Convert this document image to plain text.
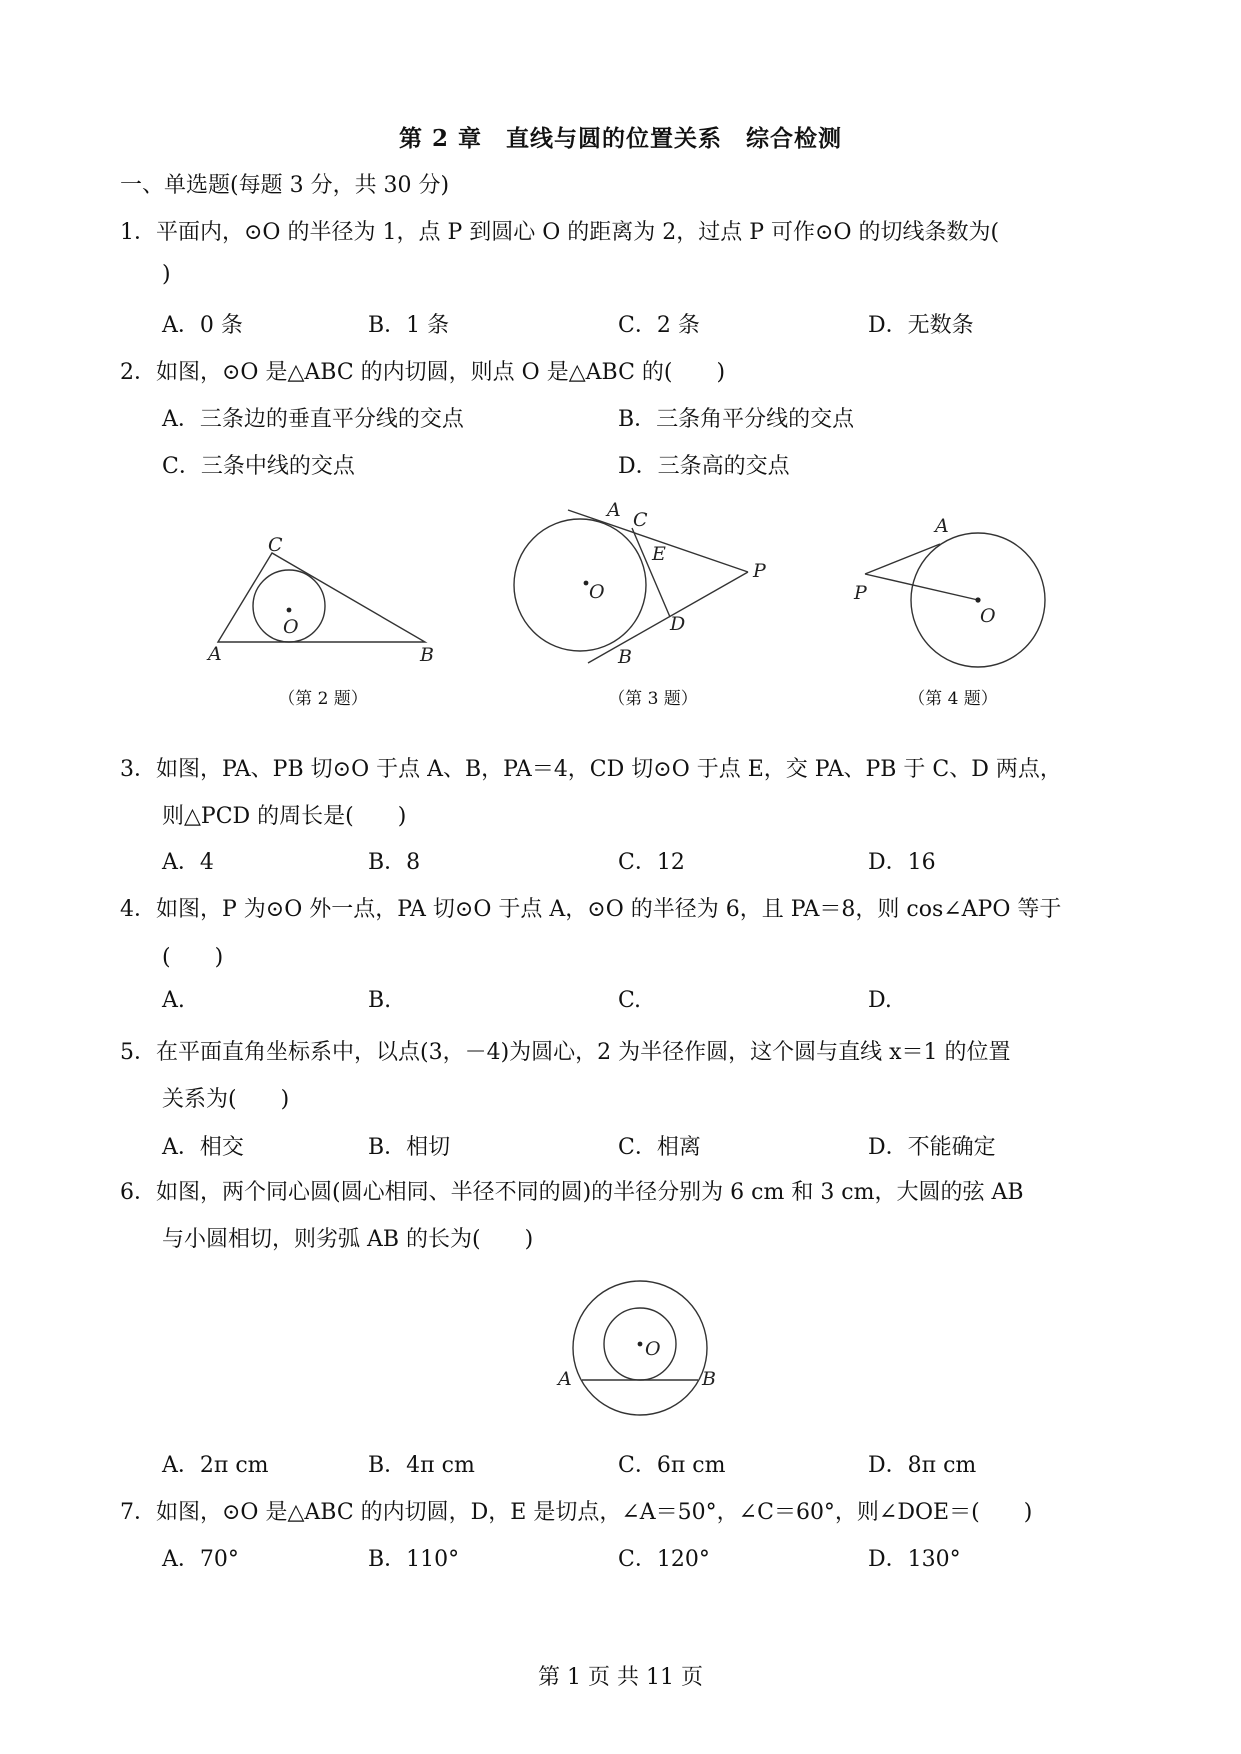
第 2 章　直线与圆的位置关系　综合检测
一、单选题(每题 3 分，共 30 分)
1．平面内，⊙O 的半径为 1，点 P 到圆心 O 的距离为 2，过点 P 可作⊙O 的切线条数为(
)
A．0 条	B．1 条	C．2 条	D．无数条
2．如图，⊙O 是△ABC 的内切圆，则点 O 是△ABC 的(　　)
A．三条边的垂直平分线的交点	B．三条角平分线的交点
C．三条中线的交点	D．三条高的交点
C
A	B
O
（第 2 题）
A C
E
P
O
D
B
（第 3 题）
A
P
O
（第 4 题）
3．如图，PA、PB 切⊙O 于点 A、B，PA＝4，CD 切⊙O 于点 E，交 PA、PB 于 C、D 两点，
则△PCD 的周长是(　　)
A．4	B．8	C．12	D．16
4．如图，P 为⊙O 外一点，PA 切⊙O 于点 A，⊙O 的半径为 6，且 PA＝8，则 cos∠APO 等于
(　　)
A.	B.	C.	D.
5．在平面直角坐标系中，以点(3，－4)为圆心，2 为半径作圆，这个圆与直线 x＝1 的位置
关系为(　　)
A．相交	B．相切	C．相离	D．不能确定
6．如图，两个同心圆(圆心相同、半径不同的圆)的半径分别为 6 cm 和 3 cm，大圆的弦 AB
与小圆相切，则劣弧 AB 的长为(　　)
O
A	B
A．2π cm	B．4π cm	C．6π cm	D．8π cm
7．如图，⊙O 是△ABC 的内切圆，D，E 是切点，∠A＝50°，∠C＝60°，则∠DOE＝(　　)
A．70°	B．110°	C．120°	D．130°
第 1 页 共 11 页
